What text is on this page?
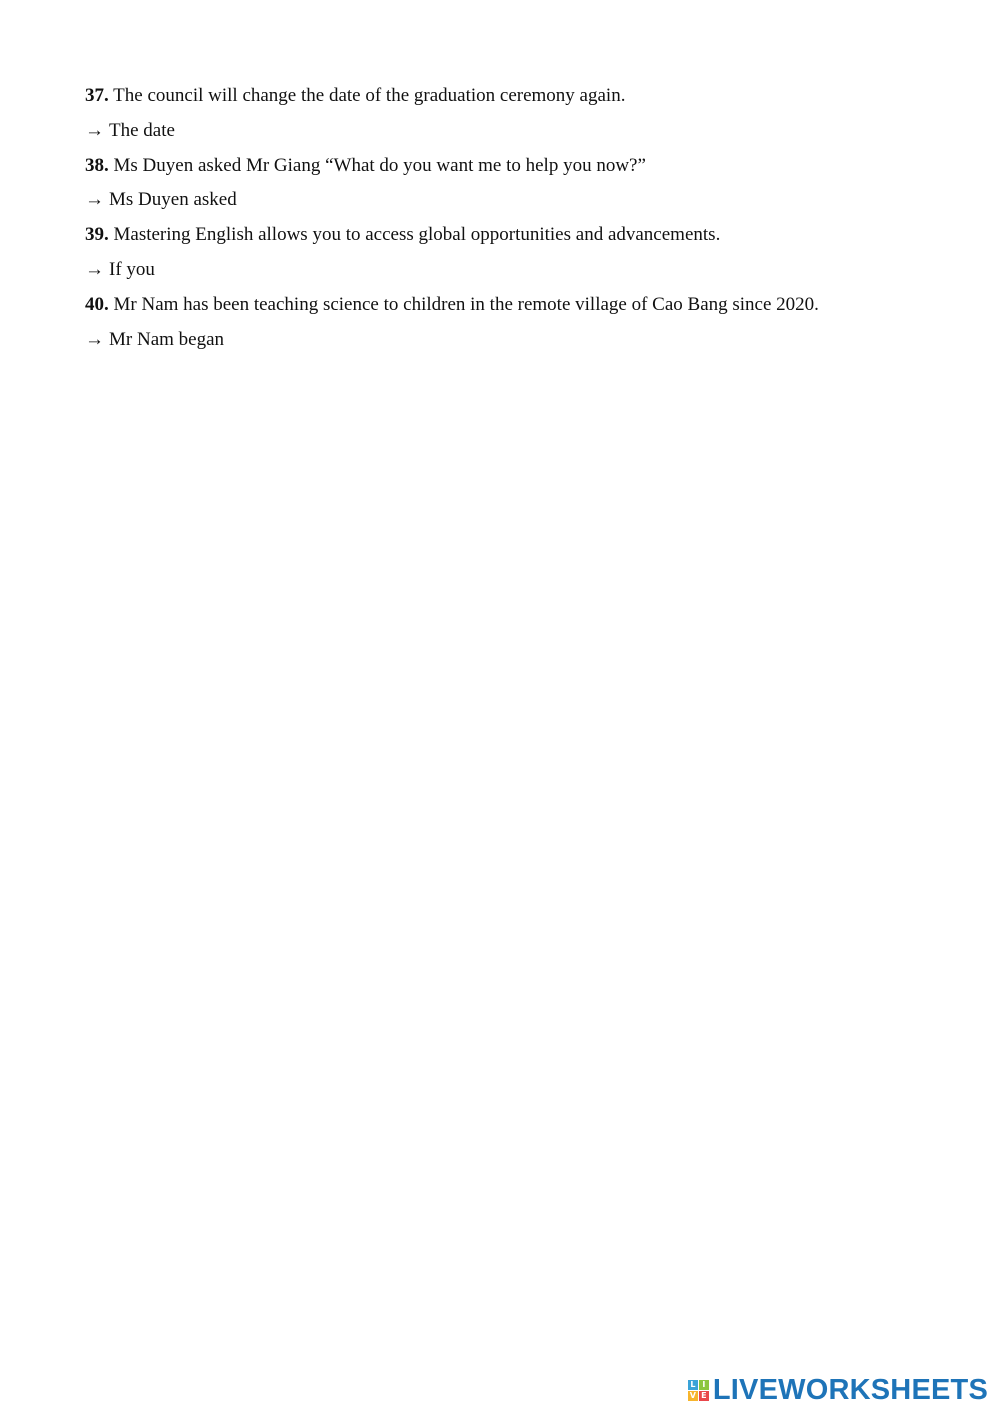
37. The council will change the date of the graduation ceremony again.
→ The date
38. Ms Duyen asked Mr Giang “What do you want me to help you now?”
→ Ms Duyen asked
39. Mastering English allows you to access global opportunities and advancements.
→ If you
40. Mr Nam has been teaching science to children in the remote village of Cao Bang since 2020.
→ Mr Nam began
L I
V E LIVEWORKSHEETS
